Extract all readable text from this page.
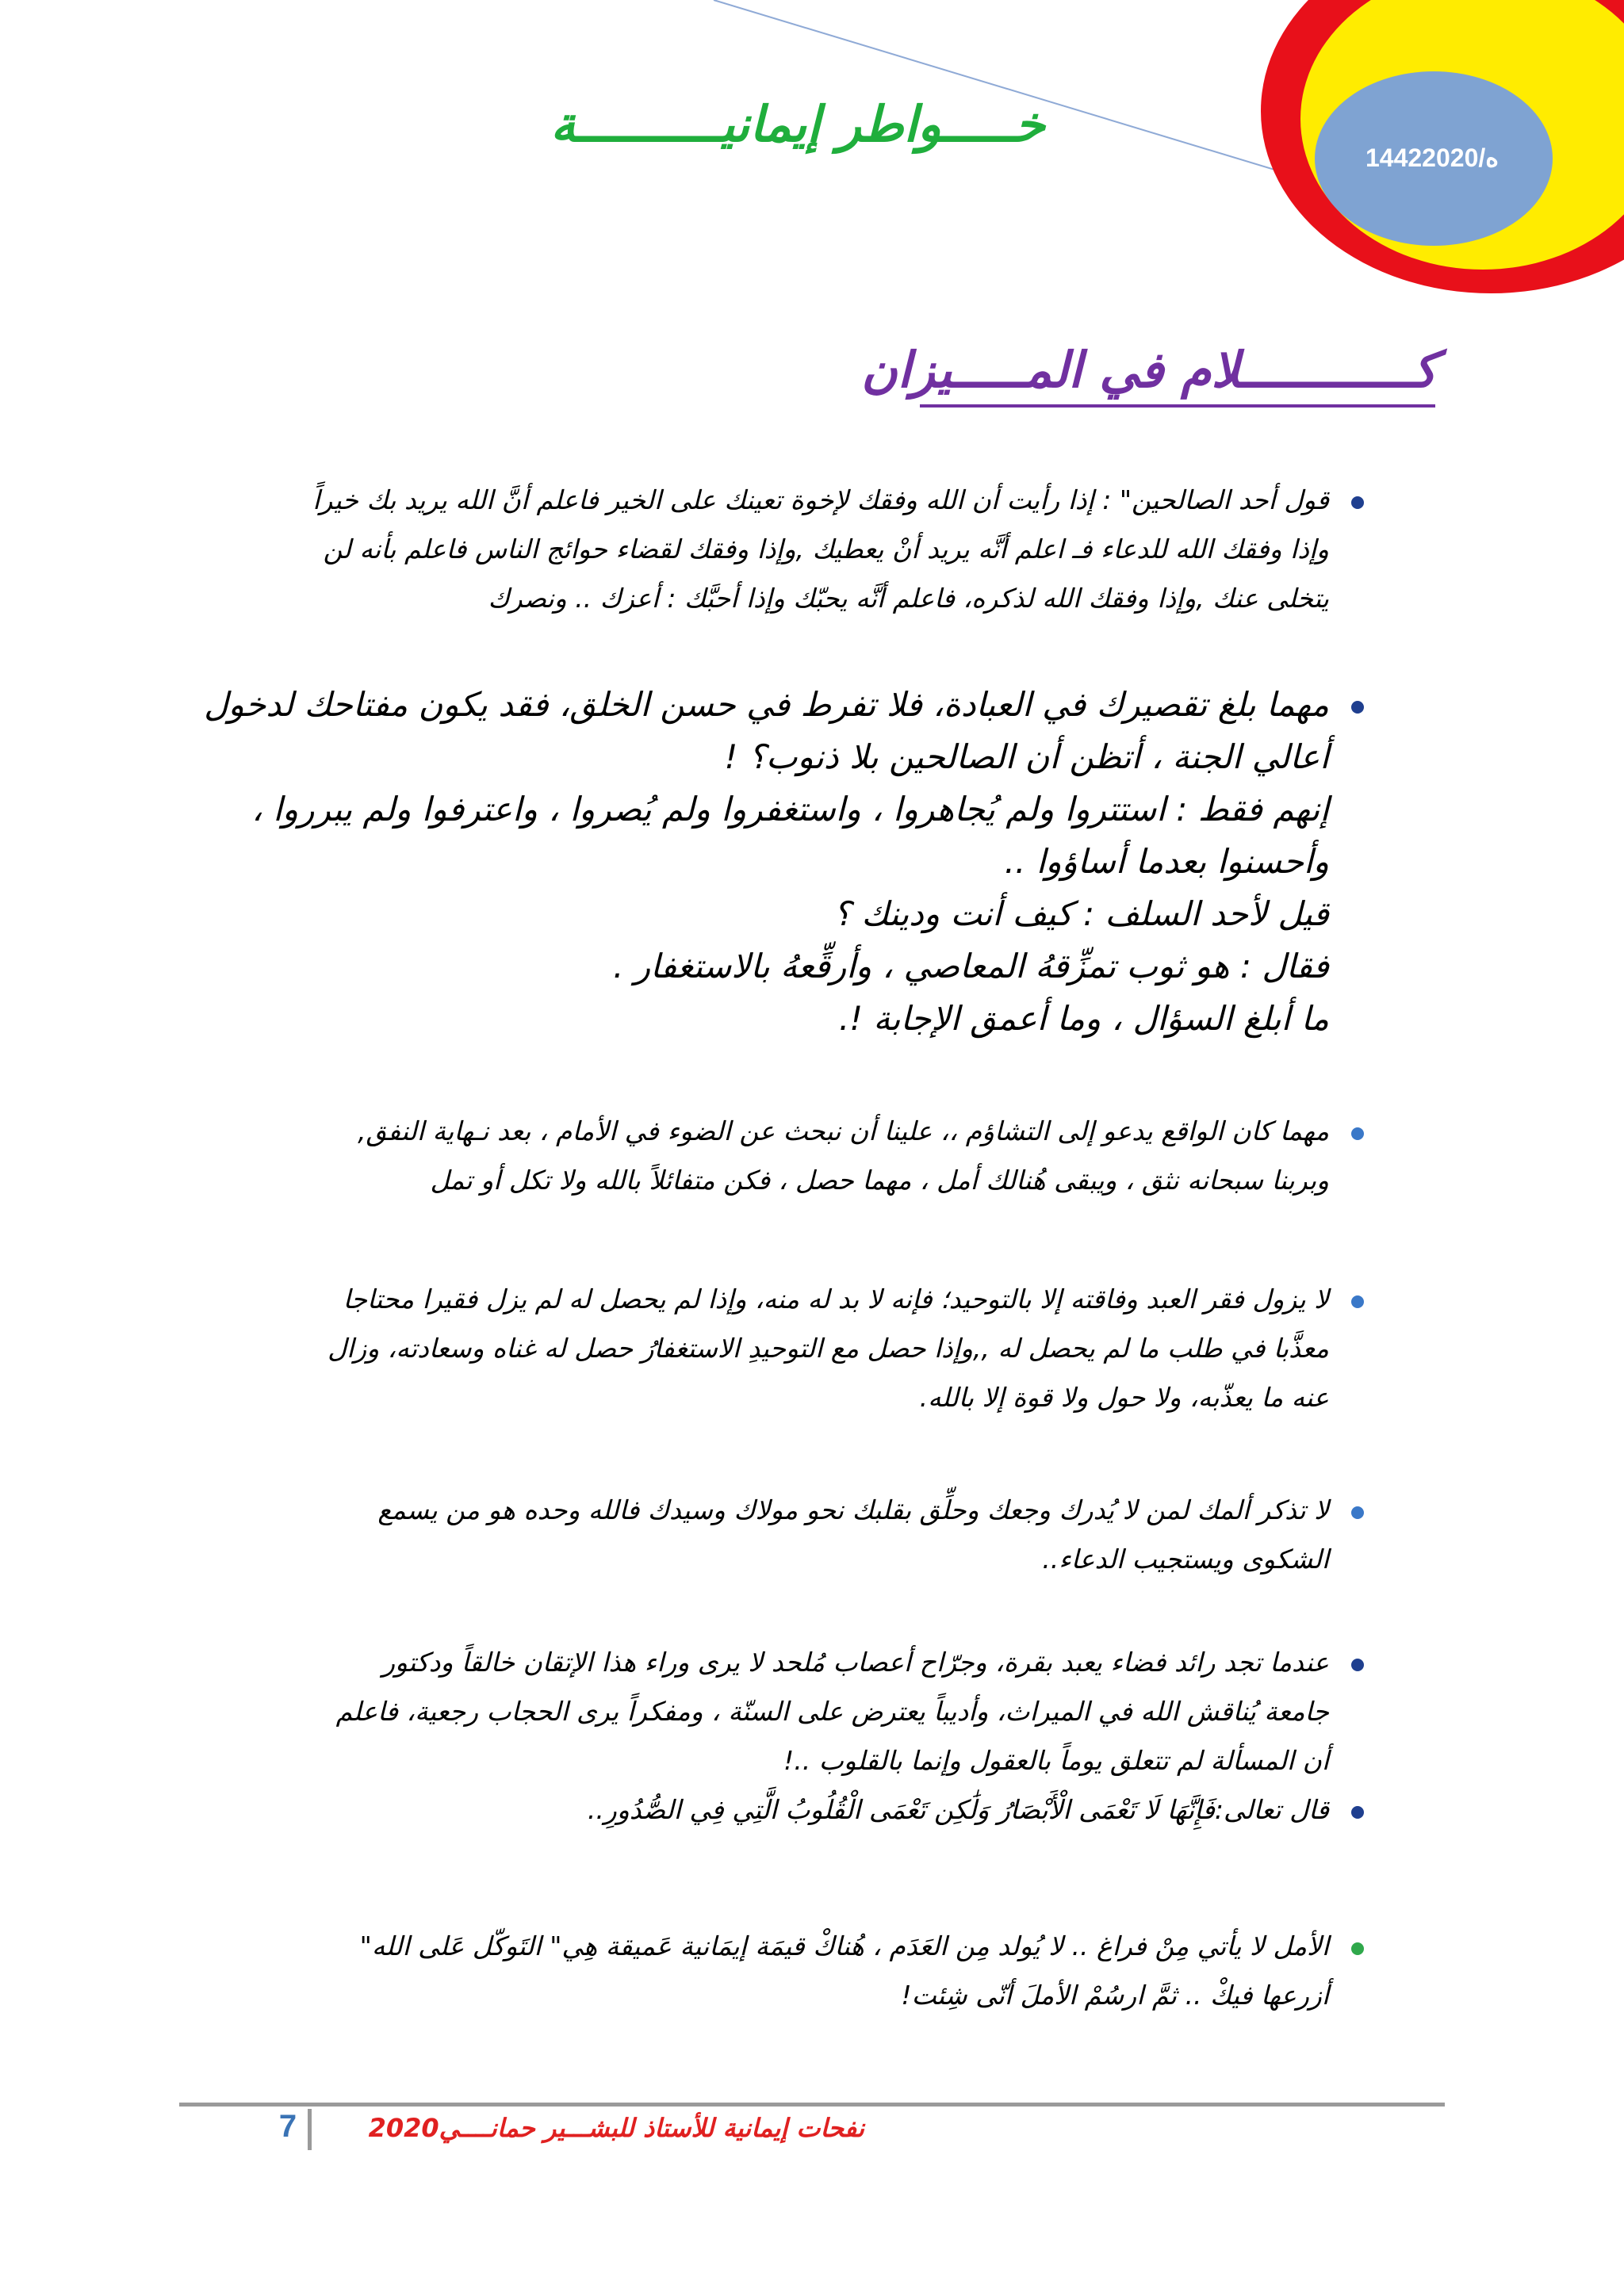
1442ه/2020
خـــــواطر إيمانيــــــــــة
كــــــــــــلام في المـــــيزان

قول أحد الصالحين" : إذا رأيت أن الله وفقك لإخوة تعينك على الخير فاعلم أنَّ الله يريد بك خيراً

وإذا وفقك الله للدعاء فـ اعلم أنَّه يريد أنْ يعطيك ,وإذا وفقك لقضاء حوائج الناس فاعلم بأنه لن

يتخلى عنك ,وإذا وفقك الله لذكره، فاعلم أنَّه يحبّك وإذا أحبَّك : أعزك .. ونصرك

مهما بلغ تقصيرك في العبادة، فلا تفرط في حسن الخلق، فقد يكون مفتاحك لدخول

أعالي الجنة ، أتظن أن الصالحين بلا ذنوب؟ !

إنهم فقط : استتروا ولم يُجاهروا ، واستغفروا ولم يُصروا ، واعترفوا ولم يبرروا ،

وأحسنوا بعدما أساؤوا ..

قيل لأحد السلف : كيف أنت ودينك ؟

فقال : هو ثوب تمزِّقهُ المعاصي ، وأرقِّعهُ بالاستغفار .

ما أبلغ السؤال ، وما أعمق الإجابة !.

مهما كان الواقع يدعو إلى التشاؤم ،، علينا أن نبحث عن الضوء في الأمام ، بعد نـهاية النفق,

وبربنا سبحانه نثق ، ويبقى هُنالك أمل ، مهما حصل ، فكن متفائلاً بالله ولا تكل أو تمل

لا يزول فقر العبد وفاقته إلا بالتوحيد؛ فإنه لا بد له منه، وإذا لم يحصل له لم يزل فقيرا محتاجا

معذَّبا في طلب ما لم يحصل له ,,وإذا حصل مع التوحيدِ الاستغفارُ حصل له غناه وسعادته، وزال

عنه ما يعذّبه، ولا حول ولا قوة إلا بالله.

لا تذكر ألمك لمن لا يُدرك وجعك وحلِّق بقلبك نحو مولاك وسيدك فالله وحده هو من يسمع

الشكوى ويستجيب الدعاء..

عندما تجد رائد فضاء يعبد بقرة، وجرّاح أعصاب مُلحد لا يرى وراء هذا الإتقان خالقاً ودكتور

جامعة يُناقش الله في الميراث، وأديباً يعترض على السنّة ، ومفكراً يرى الحجاب رجعية، فاعلم

أن المسألة لم تتعلق يوماً بالعقول وإنما بالقلوب ..!

قال تعالى:فَإِنَّهَا لَا تَعْمَى الْأَبْصَارُ وَلَٰكِن تَعْمَى الْقُلُوبُ الَّتِي فِي الصُّدُورِ..

الأمل لا يأتي مِنْ فراغ .. لا يُولد مِن العَدَم ، هُناكْ قيمَة إيمَانية عَميقة هِي" التَوكّل عَلى الله"

أزرعها فيكْ .. ثمَّ ارسُمْ الأملَ أنّى شِئت!

7	نفحات إيمانية للأستاذ للبشـــير حمانــــي2020
